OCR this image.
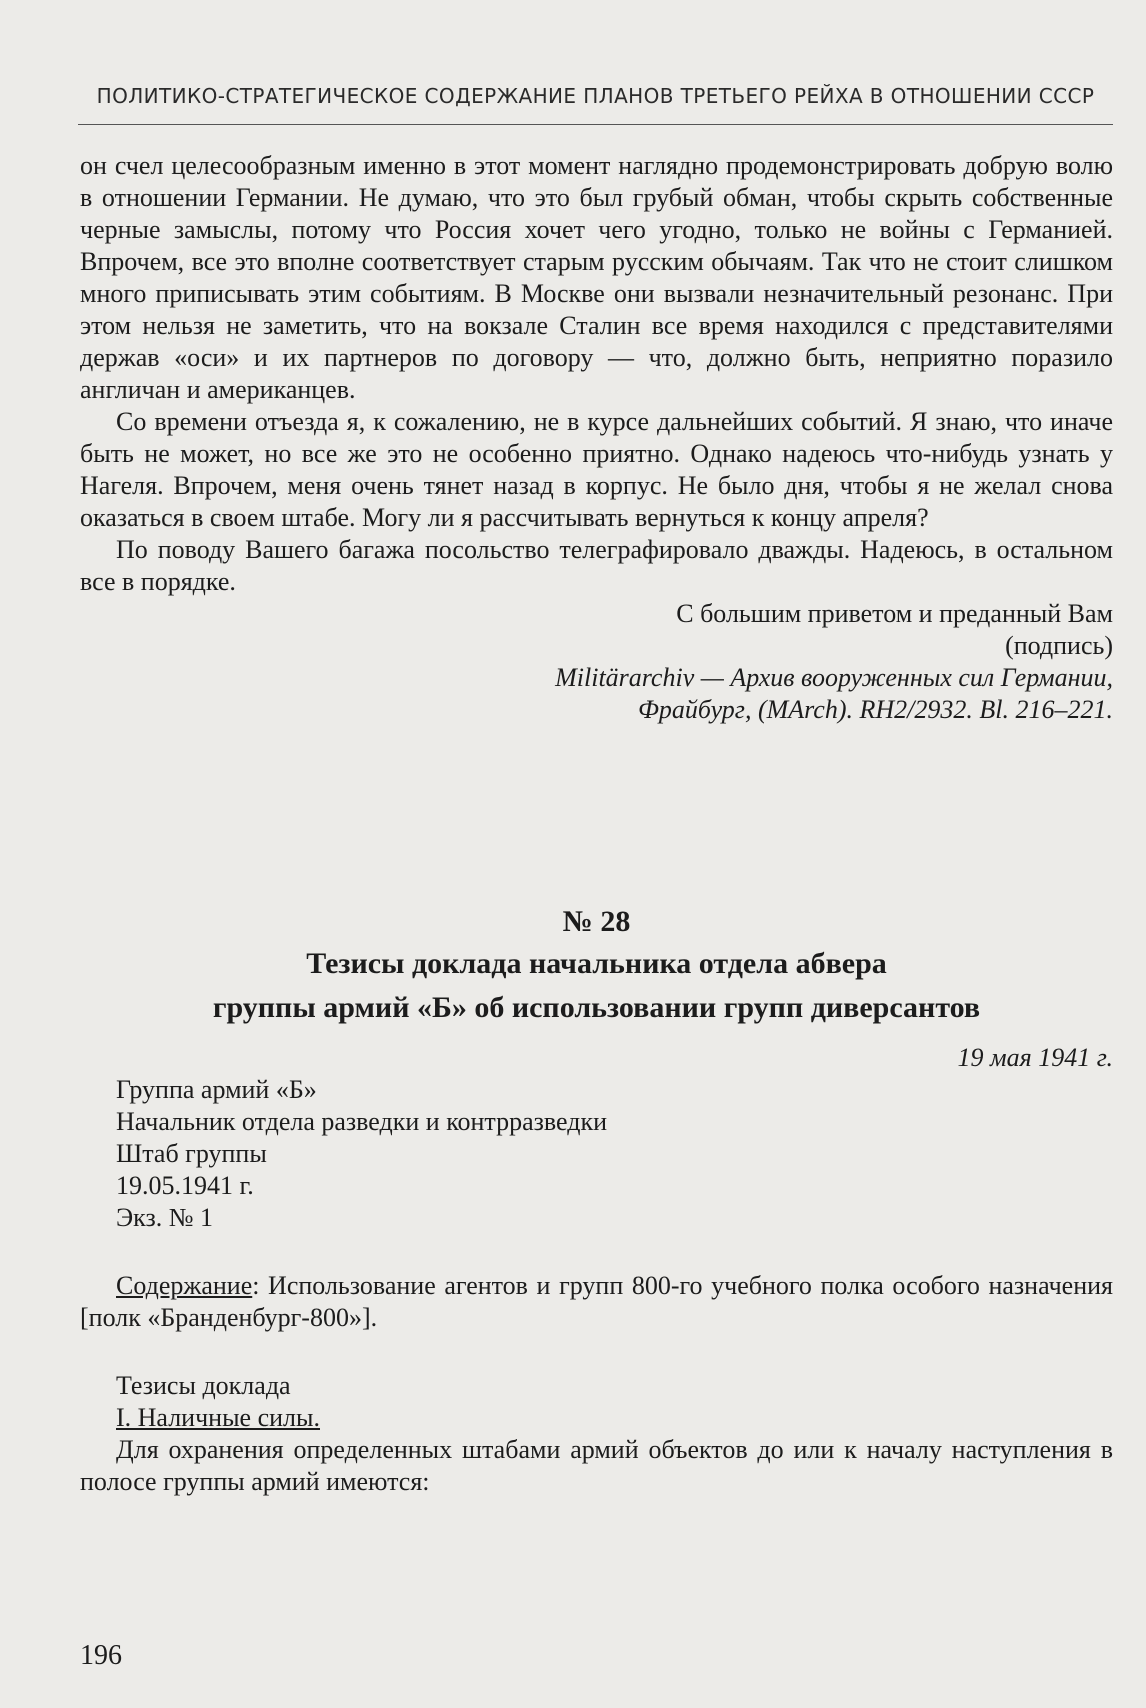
ПОЛИТИКО-СТРАТЕГИЧЕСКОЕ СОДЕРЖАНИЕ ПЛАНОВ ТРЕТЬЕГО РЕЙХА В ОТНОШЕНИИ СССР

он счел целесообразным именно в этот момент наглядно продемонстрировать добрую волю в отношении Германии. Не думаю, что это был грубый обман, чтобы скрыть собственные черные замыслы, потому что Россия хочет чего угодно, только не войны с Германией. Впрочем, все это вполне соответствует старым русским обычаям. Так что не стоит слишком много приписывать этим событиям. В Москве они вызвали незначительный резонанс. При этом нельзя не заметить, что на вокзале Сталин все время находился с представителями держав «оси» и их партнеров по договору — что, должно быть, неприятно поразило англичан и американцев.

Со времени отъезда я, к сожалению, не в курсе дальнейших событий. Я знаю, что иначе быть не может, но все же это не особенно приятно. Однако надеюсь что-нибудь узнать у Нагеля. Впрочем, меня очень тянет назад в корпус. Не было дня, чтобы я не желал снова оказаться в своем штабе. Могу ли я рассчитывать вернуться к концу апреля?

По поводу Вашего багажа посольство телеграфировало дважды. Надеюсь, в остальном все в порядке.

С большим приветом и преданный Вам

(подпись)

Militärarchiv — Архив вооруженных сил Германии,

Фрайбург, (MArch). RH2/2932. Bl. 216–221.

№ 28

Тезисы доклада начальника отдела абвера

группы армий «Б» об использовании групп диверсантов

19 мая 1941 г.

Группа армий «Б»

Начальник отдела разведки и контрразведки

Штаб группы

19.05.1941 г.

Экз. № 1

Содержание: Использование агентов и групп 800-го учебного полка особого назначения [полк «Бранденбург-800»].

Тезисы доклада

I. Наличные силы.

Для охранения определенных штабами армий объектов до или к началу наступления в полосе группы армий имеются:

196
